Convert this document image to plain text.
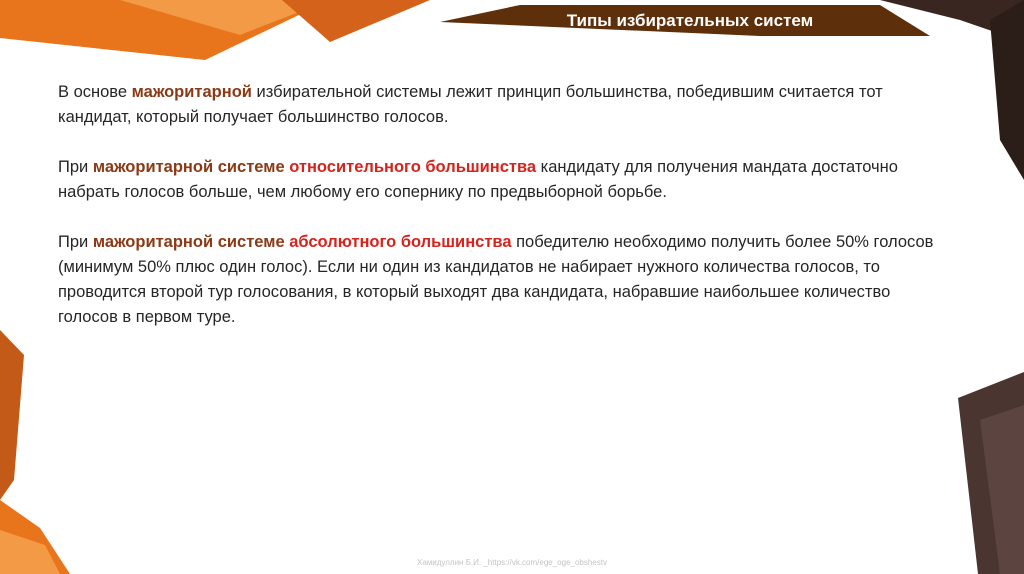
Типы избирательных систем

В основе мажоритарной избирательной системы лежит принцип большинства, победившим считается тот кандидат, который получает большинство голосов.

При мажоритарной системе относительного большинства кандидату для получения мандата достаточно набрать голосов больше, чем любому его сопернику по предвыборной борьбе.

При мажоритарной системе абсолютного большинства победителю необходимо получить более 50% голосов (минимум 50% плюс один голос). Если ни один из кандидатов не набирает нужного количества голосов, то проводится второй тур голосования, в который выходят два кандидата, набравшие наибольшее количество голосов в первом туре.

Хамидуллин Б.И. _https://vk.com/ege_oge_obshestv
